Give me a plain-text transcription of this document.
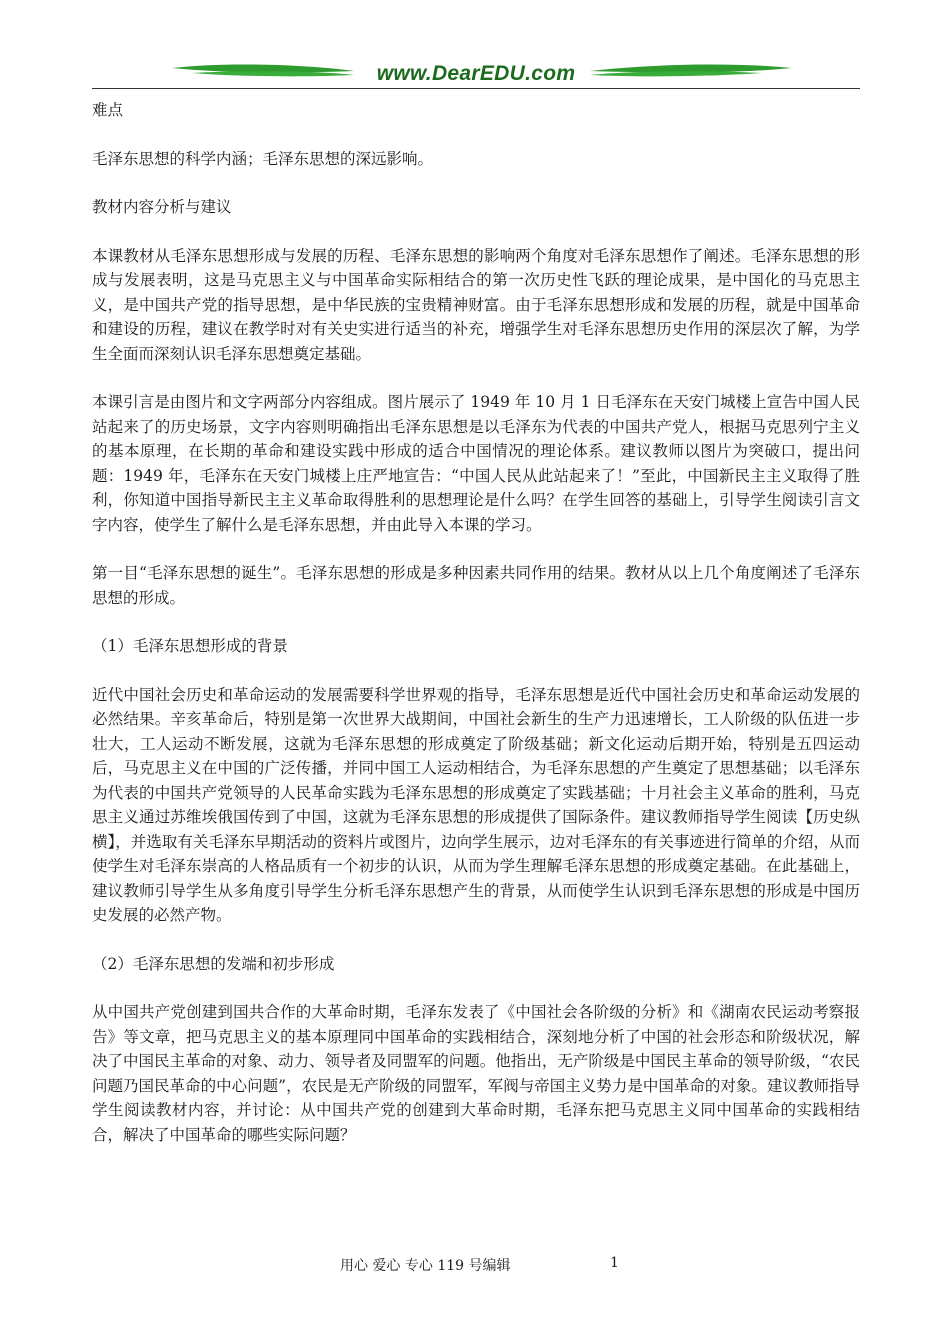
www.DearEDU.com

难点

毛泽东思想的科学内涵；毛泽东思想的深远影响。

教材内容分析与建议

本课教材从毛泽东思想形成与发展的历程、毛泽东思想的影响两个角度对毛泽东思想作了阐述。毛泽东思想的形成与发展表明，这是马克思主义与中国革命实际相结合的第一次历史性飞跃的理论成果，是中国化的马克思主义，是中国共产党的指导思想，是中华民族的宝贵精神财富。由于毛泽东思想形成和发展的历程，就是中国革命和建设的历程，建议在教学时对有关史实进行适当的补充，增强学生对毛泽东思想历史作用的深层次了解，为学生全面而深刻认识毛泽东思想奠定基础。

本课引言是由图片和文字两部分内容组成。图片展示了 1949 年 10 月 1 日毛泽东在天安门城楼上宣告中国人民站起来了的历史场景，文字内容则明确指出毛泽东思想是以毛泽东为代表的中国共产党人，根据马克思列宁主义的基本原理，在长期的革命和建设实践中形成的适合中国情况的理论体系。建议教师以图片为突破口，提出问题：1949 年，毛泽东在天安门城楼上庄严地宣告：“中国人民从此站起来了！”至此，中国新民主主义取得了胜利，你知道中国指导新民主主义革命取得胜利的思想理论是什么吗？在学生回答的基础上，引导学生阅读引言文字内容，使学生了解什么是毛泽东思想，并由此导入本课的学习。

第一目“毛泽东思想的诞生”。毛泽东思想的形成是多种因素共同作用的结果。教材从以上几个角度阐述了毛泽东思想的形成。

（1）毛泽东思想形成的背景

近代中国社会历史和革命运动的发展需要科学世界观的指导，毛泽东思想是近代中国社会历史和革命运动发展的必然结果。辛亥革命后，特别是第一次世界大战期间，中国社会新生的生产力迅速增长，工人阶级的队伍进一步壮大，工人运动不断发展，这就为毛泽东思想的形成奠定了阶级基础；新文化运动后期开始，特别是五四运动后，马克思主义在中国的广泛传播，并同中国工人运动相结合，为毛泽东思想的产生奠定了思想基础；以毛泽东为代表的中国共产党领导的人民革命实践为毛泽东思想的形成奠定了实践基础；十月社会主义革命的胜利，马克思主义通过苏维埃俄国传到了中国，这就为毛泽东思想的形成提供了国际条件。建议教师指导学生阅读【历史纵横】，并选取有关毛泽东早期活动的资料片或图片，边向学生展示，边对毛泽东的有关事迹进行简单的介绍，从而使学生对毛泽东崇高的人格品质有一个初步的认识，从而为学生理解毛泽东思想的形成奠定基础。在此基础上，建议教师引导学生从多角度引导学生分析毛泽东思想产生的背景，从而使学生认识到毛泽东思想的形成是中国历史发展的必然产物。

（2）毛泽东思想的发端和初步形成

从中国共产党创建到国共合作的大革命时期，毛泽东发表了《中国社会各阶级的分析》和《湖南农民运动考察报告》等文章，把马克思主义的基本原理同中国革命的实践相结合，深刻地分析了中国的社会形态和阶级状况，解决了中国民主革命的对象、动力、领导者及同盟军的问题。他指出，无产阶级是中国民主革命的领导阶级，“农民问题乃国民革命的中心问题”，农民是无产阶级的同盟军，军阀与帝国主义势力是中国革命的对象。建议教师指导学生阅读教材内容，并讨论：从中国共产党的创建到大革命时期，毛泽东把马克思主义同中国革命的实践相结合，解决了中国革命的哪些实际问题？

用心 爱心 专心 119 号编辑	1
